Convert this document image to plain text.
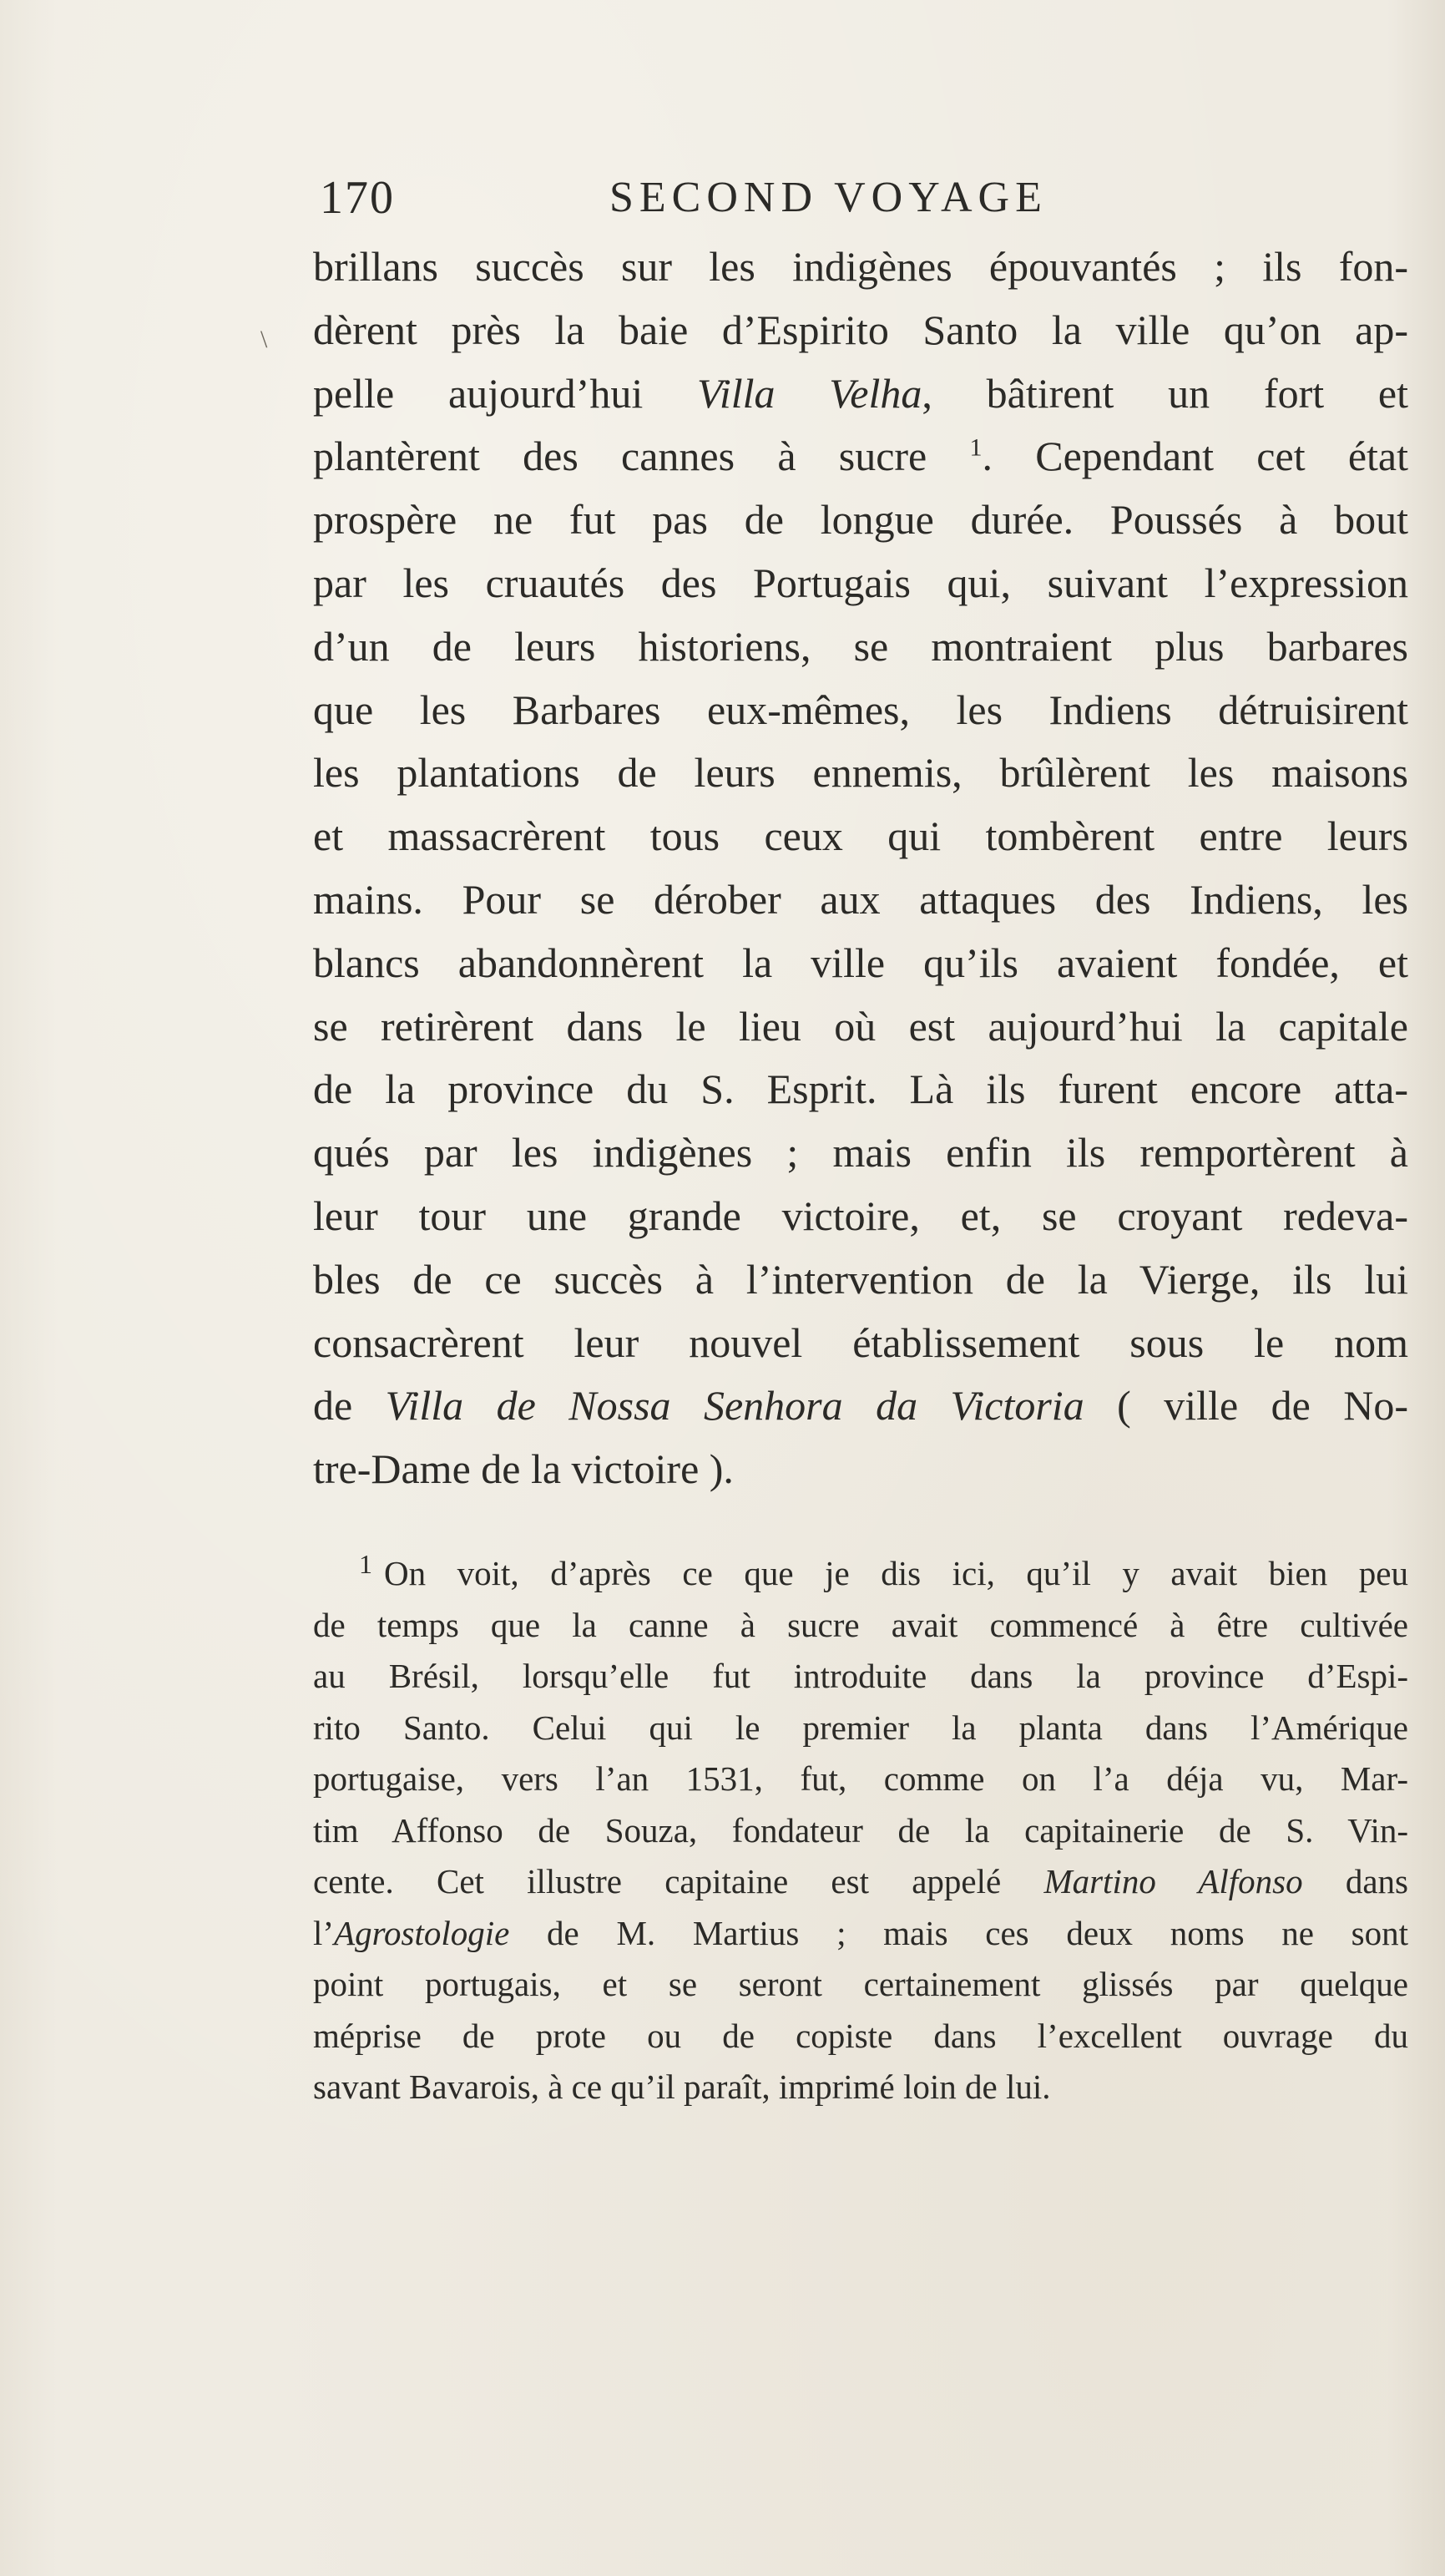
\
170	SECOND VOYAGE
brillans succès sur les indigènes épouvantés ; ils fon-
dèrent près la baie d’Espirito Santo la ville qu’on ap-
pelle aujourd’hui Villa Velha, bâtirent un fort et
plantèrent des cannes à sucre $^1$. Cependant cet état
prospère ne fut pas de longue durée. Poussés à bout
par les cruautés des Portugais qui, suivant l’expression
d’un de leurs historiens, se montraient plus barbares
que les Barbares eux-mêmes, les Indiens détruisirent
les plantations de leurs ennemis, brûlèrent les maisons
et massacrèrent tous ceux qui tombèrent entre leurs
mains. Pour se dérober aux attaques des Indiens, les
blancs abandonnèrent la ville qu’ils avaient fondée, et
se retirèrent dans le lieu où est aujourd’hui la capitale
de la province du S. Esprit. Là ils furent encore atta-
qués par les indigènes ; mais enfin ils remportèrent à
leur tour une grande victoire, et, se croyant redeva-
bles de ce succès à l’intervention de la Vierge, ils lui
consacrèrent leur nouvel établissement sous le nom
de Villa de Nossa Senhora da Victoria ( ville de No-
tre-Dame de la victoire ).
$^1$ On voit, d’après ce que je dis ici, qu’il y avait bien peu
de temps que la canne à sucre avait commencé à être cultivée
au Brésil, lorsqu’elle fut introduite dans la province d’Espi-
rito Santo. Celui qui le premier la planta dans l’Amérique
portugaise, vers l’an 1531, fut, comme on l’a déja vu, Mar-
tim Affonso de Souza, fondateur de la capitainerie de S. Vin-
cente. Cet illustre capitaine est appelé Martino Alfonso dans
l’Agrostologie de M. Martius ; mais ces deux noms ne sont
point portugais, et se seront certainement glissés par quelque
méprise de prote ou de copiste dans l’excellent ouvrage du
savant Bavarois, à ce qu’il paraît, imprimé loin de lui.
